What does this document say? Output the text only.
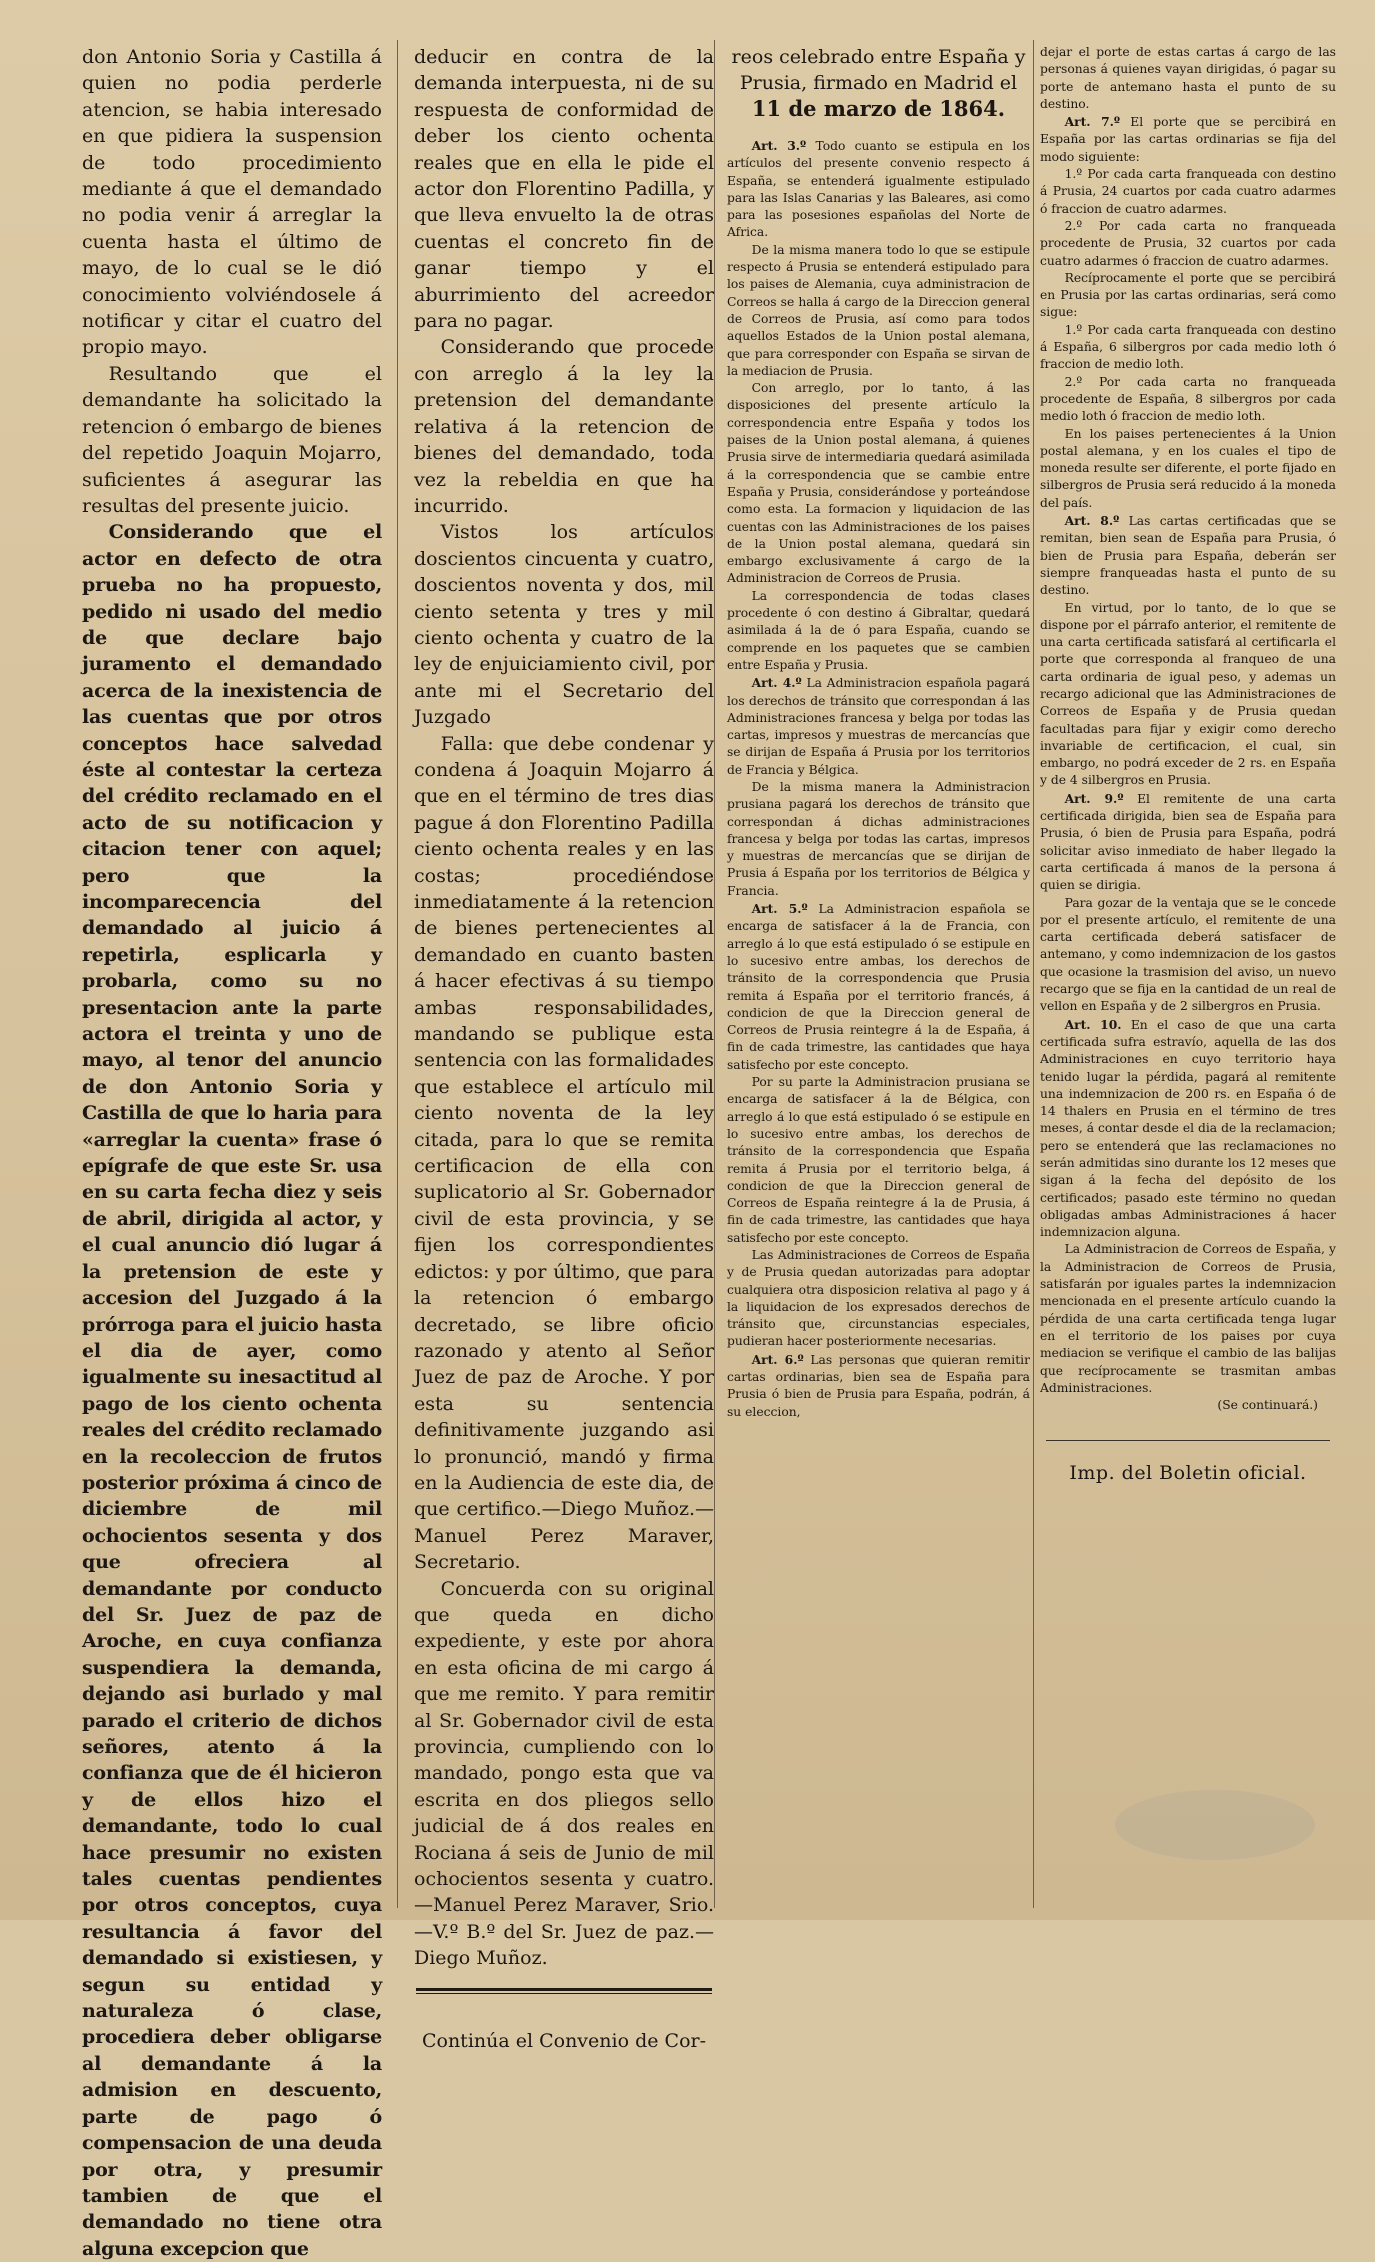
don Antonio Soria y Castilla á quien no podia perderle atencion, se habia interesado en que pidiera la suspension de todo procedimiento mediante á que el demandado no podia venir á arreglar la cuenta hasta el último de mayo, de lo cual se le dió conocimiento volviéndosele á notificar y citar el cuatro del propio mayo.

Resultando que el demandante ha solicitado la retencion ó embargo de bienes del repetido Joaquin Mojarro, suficientes á asegurar las resultas del presente juicio.

Considerando que el actor en defecto de otra prueba no ha propuesto, pedido ni usado del medio de que declare bajo juramento el demandado acerca de la inexistencia de las cuentas que por otros conceptos hace salvedad éste al contestar la certeza del crédito reclamado en el acto de su notificacion y citacion tener con aquel; pero que la incomparecencia del demandado al juicio á repetirla, esplicarla y probarla, como su no presentacion ante la parte actora el treinta y uno de mayo, al tenor del anuncio de don Antonio Soria y Castilla de que lo haria para «arreglar la cuenta» frase ó epígrafe de que este Sr. usa en su carta fecha diez y seis de abril, dirigida al actor, y el cual anuncio dió lugar á la pretension de este y accesion del Juzgado á la prórroga para el juicio hasta el dia de ayer, como igualmente su inesactitud al pago de los ciento ochenta reales del crédito reclamado en la recoleccion de frutos posterior próxima á cinco de diciembre de mil ochocientos sesenta y dos que ofreciera al demandante por conducto del Sr. Juez de paz de Aroche, en cuya confianza suspendiera la demanda, dejando asi burlado y mal parado el criterio de dichos señores, atento á la confianza que de él hicieron y de ellos hizo el demandante, todo lo cual hace presumir no existen tales cuentas pendientes por otros conceptos, cuya resultancia á favor del demandado si existiesen, y segun su entidad y naturaleza ó clase, procediera deber obligarse al demandante á la admision en descuento, parte de pago ó compensacion de una deuda por otra, y presumir tambien de que el demandado no tiene otra alguna excepcion que

deducir en contra de la demanda interpuesta, ni de su respuesta de conformidad de deber los ciento ochenta reales que en ella le pide el actor don Florentino Padilla, y que lleva envuelto la de otras cuentas el concreto fin de ganar tiempo y el aburrimiento del acreedor para no pagar.

Considerando que procede con arreglo á la ley la pretension del demandante relativa á la retencion de bienes del demandado, toda vez la rebeldia en que ha incurrido.

Vistos los artículos doscientos cincuenta y cuatro, doscientos noventa y dos, mil ciento setenta y tres y mil ciento ochenta y cuatro de la ley de enjuiciamiento civil, por ante mi el Secretario del Juzgado

Falla: que debe condenar y condena á Joaquin Mojarro á que en el término de tres dias pague á don Florentino Padilla ciento ochenta reales y en las costas; procediéndose inmediatamente á la retencion de bienes pertenecientes al demandado en cuanto basten á hacer efectivas á su tiempo ambas responsabilidades, mandando se publique esta sentencia con las formalidades que establece el artículo mil ciento noventa de la ley citada, para lo que se remita certificacion de ella con suplicatorio al Sr. Gobernador civil de esta provincia, y se fijen los correspondientes edictos: y por último, que para la retencion ó embargo decretado, se libre oficio razonado y atento al Señor Juez de paz de Aroche. Y por esta su sentencia definitivamente juzgando asi lo pronunció, mandó y firma en la Audiencia de este dia, de que certifico.—Diego Muñoz.—Manuel Perez Maraver, Secretario.

Concuerda con su original que queda en dicho expediente, y este por ahora en esta oficina de mi cargo á que me remito. Y para remitir al Sr. Gobernador civil de esta provincia, cumpliendo con lo mandado, pongo esta que va escrita en dos pliegos sello judicial de á dos reales en Rociana á seis de Junio de mil ochocientos sesenta y cuatro.—Manuel Perez Maraver, Srio.—V.º B.º del Sr. Juez de paz.—Diego Muñoz.

Continúa el Convenio de Cor-
reos celebrado entre España y Prusia, firmado en Madrid el 11 de marzo de 1864.

Art. 3.º Todo cuanto se estipula en los artículos del presente convenio respecto á España, se entenderá igualmente estipulado para las Islas Canarias y las Baleares, asi como para las posesiones españolas del Norte de Africa.

De la misma manera todo lo que se estipule respecto á Prusia se entenderá estipulado para los paises de Alemania, cuya administracion de Correos se halla á cargo de la Direccion general de Correos de Prusia, así como para todos aquellos Estados de la Union postal alemana, que para corresponder con España se sirvan de la mediacion de Prusia.

Con arreglo, por lo tanto, á las disposiciones del presente artículo la correspondencia entre España y todos los paises de la Union postal alemana, á quienes Prusia sirve de intermediaria quedará asimilada á la correspondencia que se cambie entre España y Prusia, considerándose y porteándose como esta. La formacion y liquidacion de las cuentas con las Administraciones de los paises de la Union postal alemana, quedará sin embargo exclusivamente á cargo de la Administracion de Correos de Prusia.

La correspondencia de todas clases procedente ó con destino á Gibraltar, quedará asimilada á la de ó para España, cuando se comprende en los paquetes que se cambien entre España y Prusia.

Art. 4.º La Administracion española pagará los derechos de tránsito que correspondan á las Administraciones francesa y belga por todas las cartas, impresos y muestras de mercancías que se dirijan de España á Prusia por los territorios de Francia y Bélgica.

De la misma manera la Administracion prusiana pagará los derechos de tránsito que correspondan á dichas administraciones francesa y belga por todas las cartas, impresos y muestras de mercancías que se dirijan de Prusia á España por los territorios de Bélgica y Francia.

Art. 5.º La Administracion española se encarga de satisfacer á la de Francia, con arreglo á lo que está estipulado ó se estipule en lo sucesivo entre ambas, los derechos de tránsito de la correspondencia que Prusia remita á España por el territorio francés, á condicion de que la Direccion general de Correos de Prusia reintegre á la de España, á fin de cada trimestre, las cantidades que haya satisfecho por este concepto.

Por su parte la Administracion prusiana se encarga de satisfacer á la de Bélgica, con arreglo á lo que está estipulado ó se estipule en lo sucesivo entre ambas, los derechos de tránsito de la correspondencia que España remita á Prusia por el territorio belga, á condicion de que la Direccion general de Correos de España reintegre á la de Prusia, á fin de cada trimestre, las cantidades que haya satisfecho por este concepto.

Las Administraciones de Correos de España y de Prusia quedan autorizadas para adoptar cualquiera otra disposicion relativa al pago y á la liquidacion de los expresados derechos de tránsito que, circunstancias especiales, pudieran hacer posteriormente necesarias.

Art. 6.º Las personas que quieran remitir cartas ordinarias, bien sea de España para Prusia ó bien de Prusia para España, podrán, á su eleccion,

dejar el porte de estas cartas á cargo de las personas á quienes vayan dirigidas, ó pagar su porte de antemano hasta el punto de su destino.

Art. 7.º El porte que se percibirá en España por las cartas ordinarias se fija del modo siguiente:

1.º Por cada carta franqueada con destino á Prusia, 24 cuartos por cada cuatro adarmes ó fraccion de cuatro adarmes.

2.º Por cada carta no franqueada procedente de Prusia, 32 cuartos por cada cuatro adarmes ó fraccion de cuatro adarmes.

Recíprocamente el porte que se percibirá en Prusia por las cartas ordinarias, será como sigue:

1.º Por cada carta franqueada con destino á España, 6 silbergros por cada medio loth ó fraccion de medio loth.

2.º Por cada carta no franqueada procedente de España, 8 silbergros por cada medio loth ó fraccion de medio loth.

En los paises pertenecientes á la Union postal alemana, y en los cuales el tipo de moneda resulte ser diferente, el porte fijado en silbergros de Prusia será reducido á la moneda del país.

Art. 8.º Las cartas certificadas que se remitan, bien sean de España para Prusia, ó bien de Prusia para España, deberán ser siempre franqueadas hasta el punto de su destino.

En virtud, por lo tanto, de lo que se dispone por el párrafo anterior, el remitente de una carta certificada satisfará al certificarla el porte que corresponda al franqueo de una carta ordinaria de igual peso, y ademas un recargo adicional que las Administraciones de Correos de España y de Prusia quedan facultadas para fijar y exigir como derecho invariable de certificacion, el cual, sin embargo, no podrá exceder de 2 rs. en España y de 4 silbergros en Prusia.

Art. 9.º El remitente de una carta certificada dirigida, bien sea de España para Prusia, ó bien de Prusia para España, podrá solicitar aviso inmediato de haber llegado la carta certificada á manos de la persona á quien se dirigia.

Para gozar de la ventaja que se le concede por el presente artículo, el remitente de una carta certificada deberá satisfacer de antemano, y como indemnizacion de los gastos que ocasione la trasmision del aviso, un nuevo recargo que se fija en la cantidad de un real de vellon en España y de 2 silbergros en Prusia.

Art. 10. En el caso de que una carta certificada sufra estravío, aquella de las dos Administraciones en cuyo territorio haya tenido lugar la pérdida, pagará al remitente una indemnizacion de 200 rs. en España ó de 14 thalers en Prusia en el término de tres meses, á contar desde el dia de la reclamacion; pero se entenderá que las reclamaciones no serán admitidas sino durante los 12 meses que sigan á la fecha del depósito de los certificados; pasado este término no quedan obligadas ambas Administraciones á hacer indemnizacion alguna.

La Administracion de Correos de España, y la Administracion de Correos de Prusia, satisfarán por iguales partes la indemnizacion mencionada en el presente artículo cuando la pérdida de una carta certificada tenga lugar en el territorio de los paises por cuya mediacion se verifique el cambio de las balijas que recíprocamente se trasmitan ambas Administraciones.

(Se continuará.)

Imp. del Boletin oficial.
